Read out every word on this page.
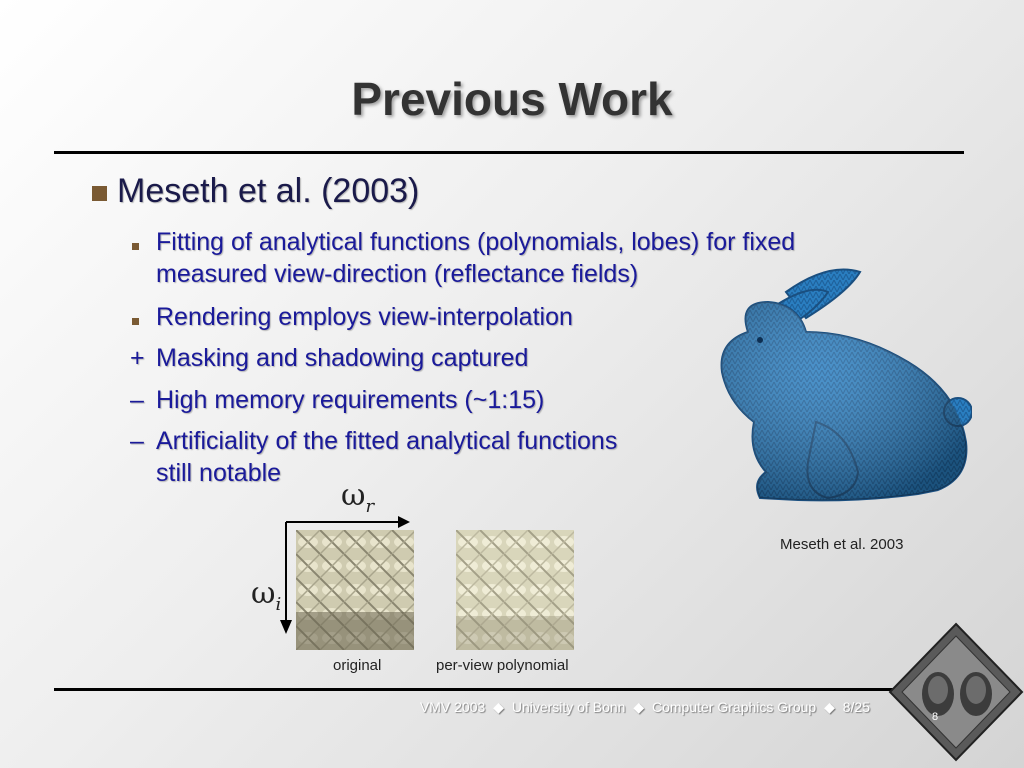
Previous Work
Meseth et al. (2003)
Fitting of analytical functions (polynomials, lobes) for fixed
measured view-direction (reflectance fields)
Rendering employs view-interpolation
+ Masking and shadowing captured
– High memory requirements (~1:15)
– Artificiality of the fitted analytical functions
still notable
Meseth et al. 2003
$\omega_r$
$\omega_i$
original	per-view polynomial
VMV 2003 ◆ University of Bonn ◆ Computer Graphics Group ◆ 8/25
8
